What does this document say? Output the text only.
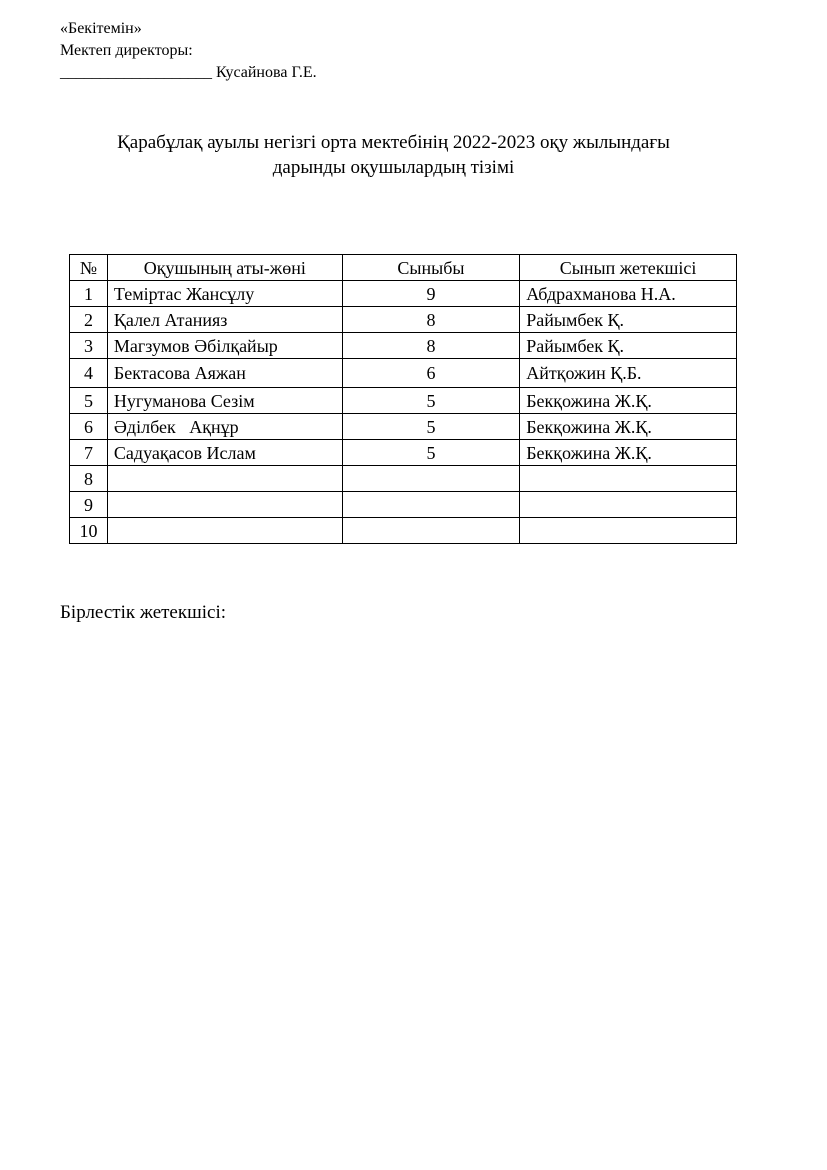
«Бекітемін»
Мектеп директоры:
___________________ Кусайнова Г.Е.
Қарабұлақ ауылы негізгі орта мектебінің 2022-2023 оқу жылындағы
дарынды оқушылардың тізімі
№	Оқушының аты-жөні	Сыныбы	Сынып жетекшісі
1	Теміртас Жансұлу	9	Абдрахманова Н.А.
2	Қалел Атанияз	8	Райымбек Қ.
3	Магзумов Әбілқайыр	8	Райымбек Қ.
4	Бектасова Аяжан	6	Айтқожин Қ.Б.
5	Нугуманова Сезім	5	Бекқожина Ж.Қ.
6	Әділбек   Ақнұр	5	Бекқожина Ж.Қ.
7	Садуақасов Ислам	5	Бекқожина Ж.Қ.
8			
9			
10			
Бірлестік жетекшісі:
